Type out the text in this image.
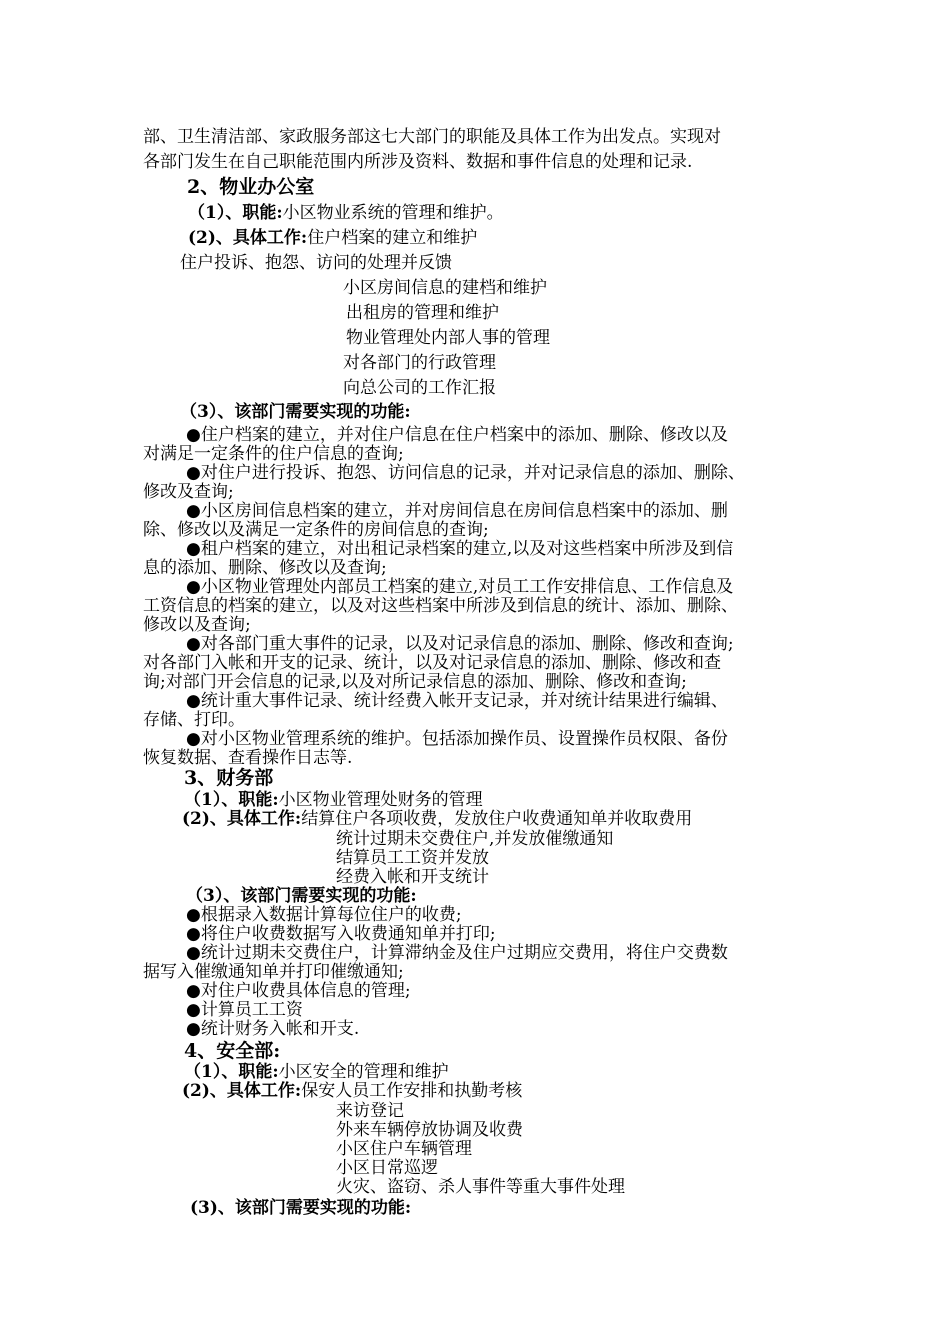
部、卫生清洁部、家政服务部这七大部门的职能及具体工作为出发点。实现对
各部门发生在自己职能范围内所涉及资料、数据和事件信息的处理和记录.
2、物业办公室
（1）、职能:小区物业系统的管理和维护。
(2)、具体工作:住户档案的建立和维护
住户投诉、抱怨、访问的处理并反馈
小区房间信息的建档和维护
出租房的管理和维护
物业管理处内部人事的管理
对各部门的行政管理
向总公司的工作汇报
（3）、该部门需要实现的功能:
●住户档案的建立，并对住户信息在住户档案中的添加、删除、修改以及
对满足一定条件的住户信息的查询;
●对住户进行投诉、抱怨、访问信息的记录，并对记录信息的添加、删除、
修改及查询;
●小区房间信息档案的建立，并对房间信息在房间信息档案中的添加、删
除、修改以及满足一定条件的房间信息的查询;
●租户档案的建立，对出租记录档案的建立,以及对这些档案中所涉及到信
息的添加、删除、修改以及查询;
●小区物业管理处内部员工档案的建立,对员工工作安排信息、工作信息及
工资信息的档案的建立，以及对这些档案中所涉及到信息的统计、添加、删除、
修改以及查询;
●对各部门重大事件的记录，以及对记录信息的添加、删除、修改和查询;
对各部门入帐和开支的记录、统计，以及对记录信息的添加、删除、修改和查
询;对部门开会信息的记录,以及对所记录信息的添加、删除、修改和查询;
●统计重大事件记录、统计经费入帐开支记录，并对统计结果进行编辑、
存储、打印。
●对小区物业管理系统的维护。包括添加操作员、设置操作员权限、备份
恢复数据、查看操作日志等.
3、财务部
（1）、职能:小区物业管理处财务的管理
(2)、具体工作:结算住户各项收费，发放住户收费通知单并收取费用
统计过期未交费住户,并发放催缴通知
结算员工工资并发放
经费入帐和开支统计
（3）、该部门需要实现的功能:
●根据录入数据计算每位住户的收费;
●将住户收费数据写入收费通知单并打印;
●统计过期未交费住户，计算滞纳金及住户过期应交费用，将住户交费数
据写入催缴通知单并打印催缴通知;
●对住户收费具体信息的管理;
●计算员工工资
●统计财务入帐和开支.
4、安全部:
（1）、职能:小区安全的管理和维护
(2)、具体工作:保安人员工作安排和执勤考核
来访登记
外来车辆停放协调及收费
小区住户车辆管理
小区日常巡逻
火灾、盗窃、杀人事件等重大事件处理
(3)、该部门需要实现的功能:
